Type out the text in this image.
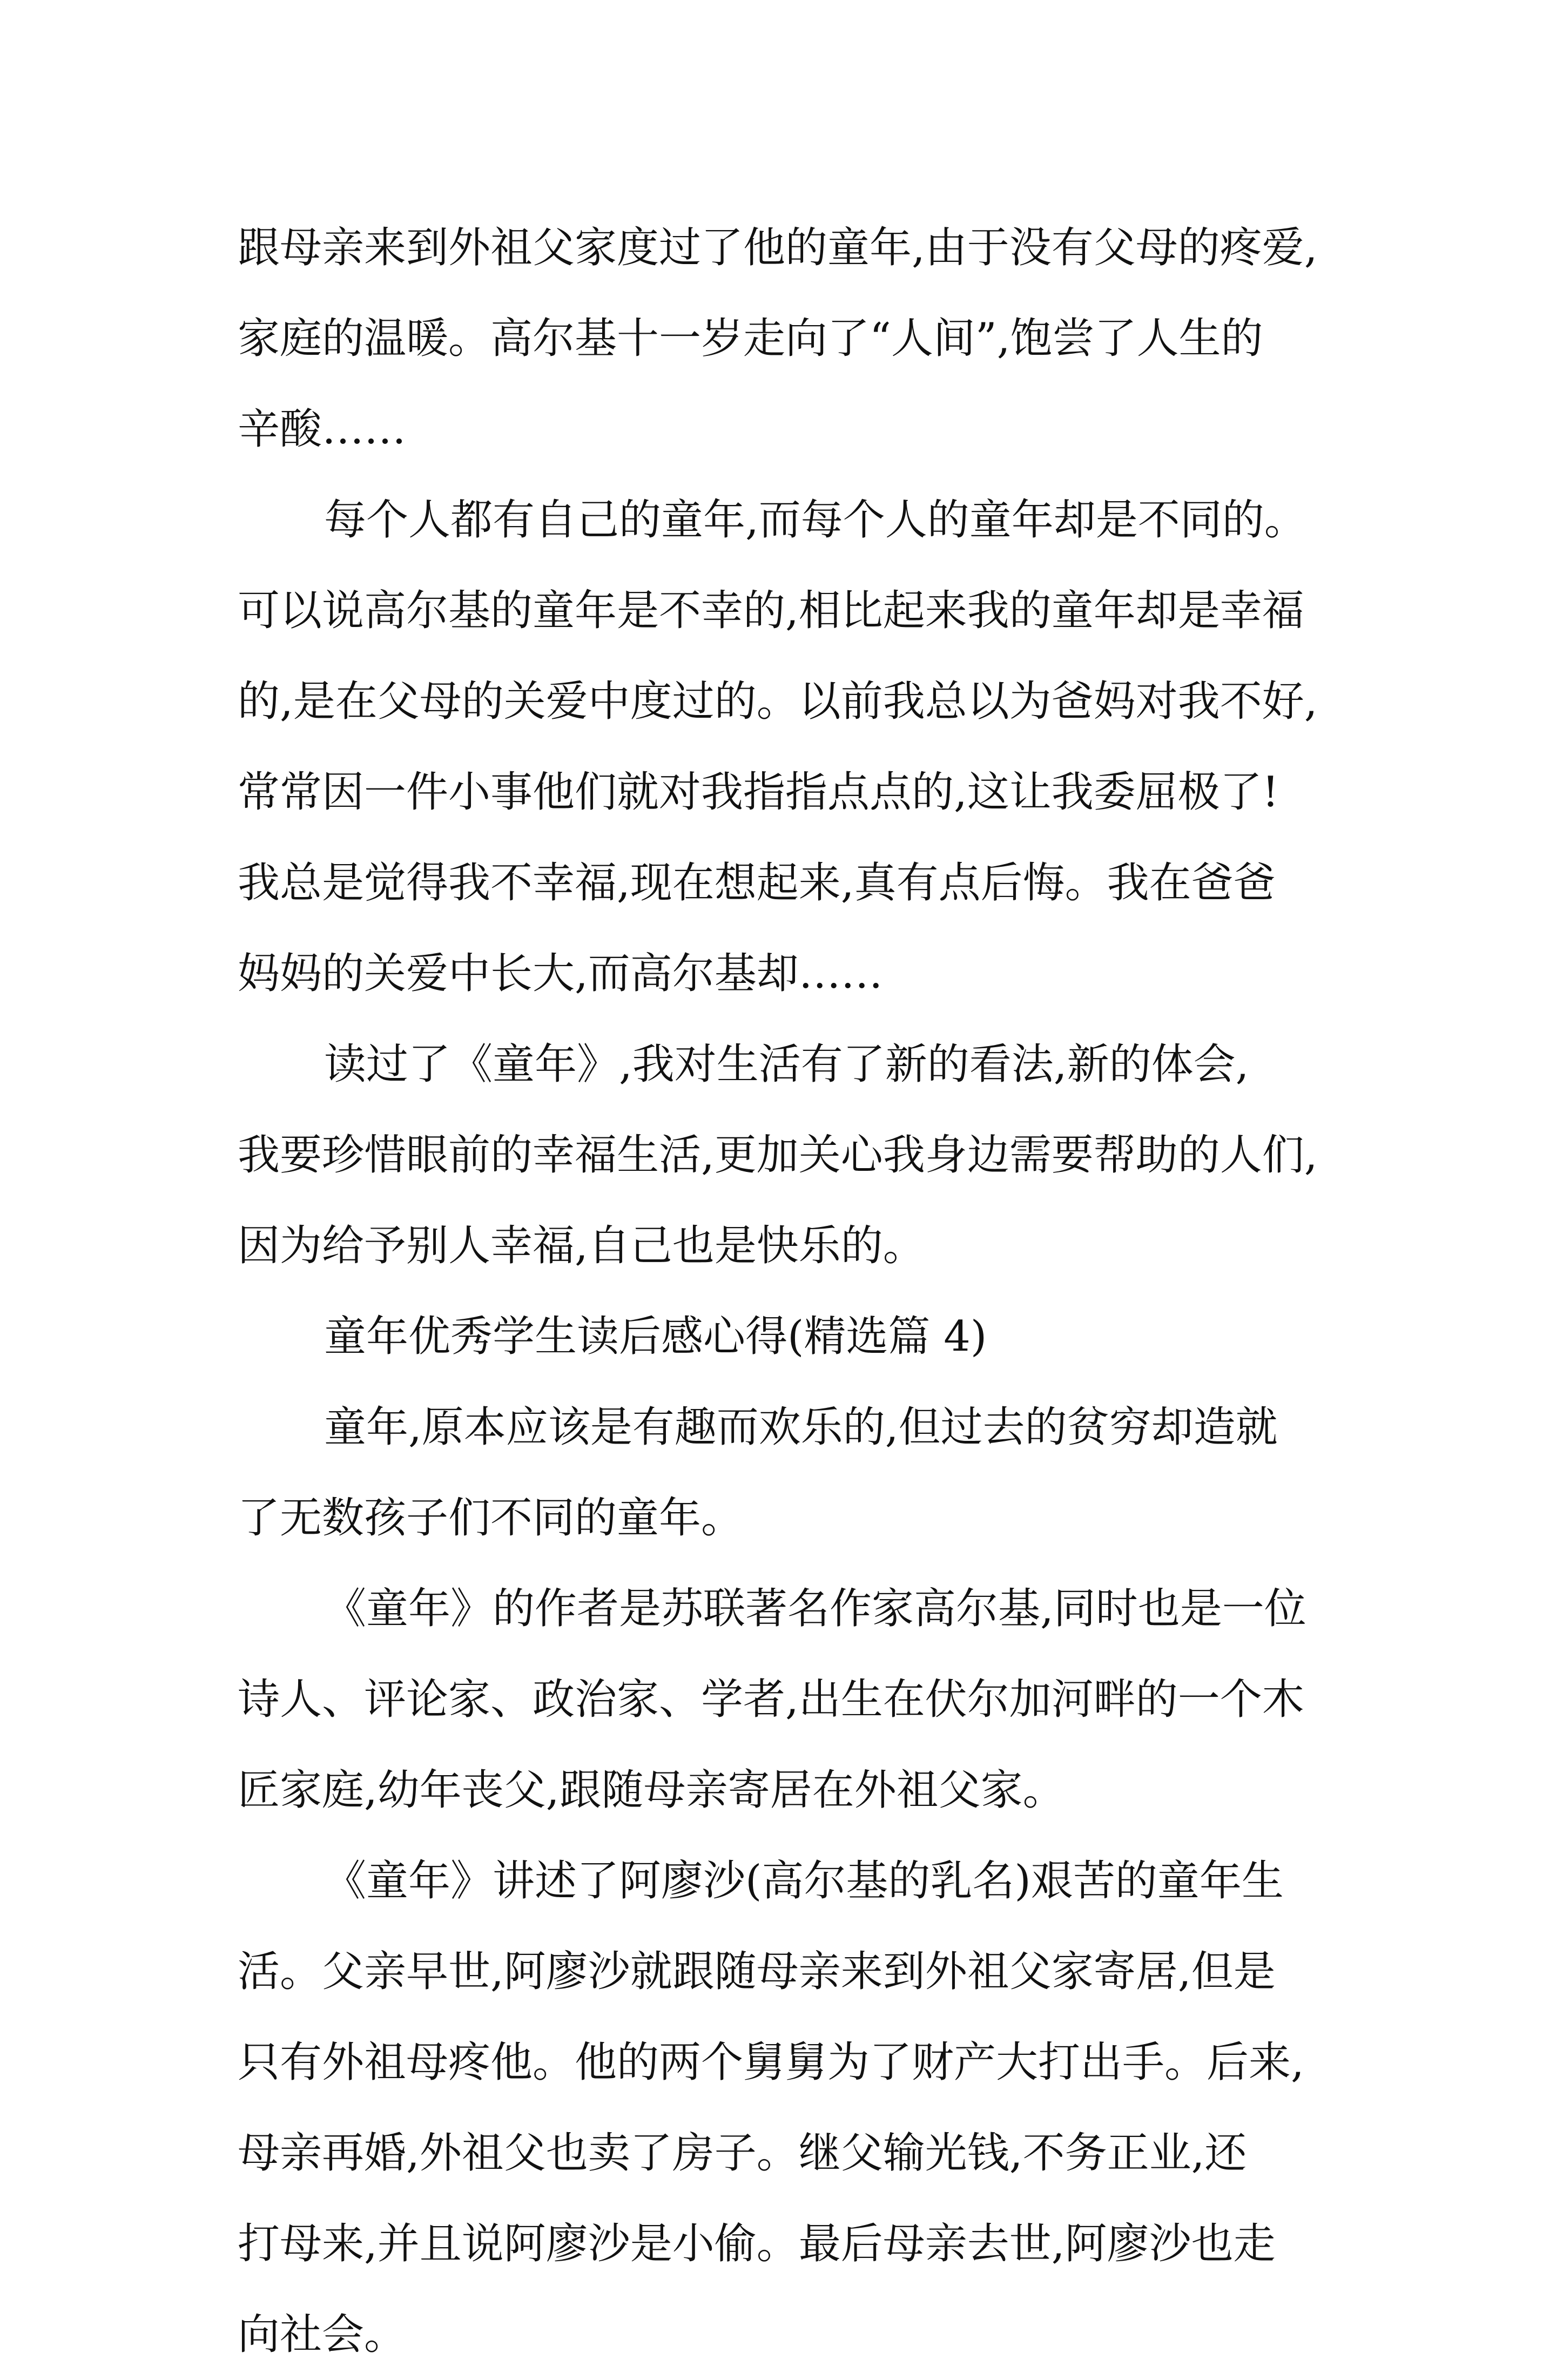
跟母亲来到外祖父家度过了他的童年,由于没有父母的疼爱,
家庭的温暖。高尔基十一岁走向了“人间”,饱尝了人生的
辛酸……
每个人都有自己的童年,而每个人的童年却是不同的。
可以说高尔基的童年是不幸的,相比起来我的童年却是幸福
的,是在父母的关爱中度过的。以前我总以为爸妈对我不好,
常常因一件小事他们就对我指指点点的,这让我委屈极了!
我总是觉得我不幸福,现在想起来,真有点后悔。我在爸爸
妈妈的关爱中长大,而高尔基却……
读过了《童年》,我对生活有了新的看法,新的体会,
我要珍惜眼前的幸福生活,更加关心我身边需要帮助的人们,
因为给予别人幸福,自己也是快乐的。
童年优秀学生读后感心得(精选篇 4)
童年,原本应该是有趣而欢乐的,但过去的贫穷却造就
了无数孩子们不同的童年。
《童年》的作者是苏联著名作家高尔基,同时也是一位
诗人、评论家、政治家、学者,出生在伏尔加河畔的一个木
匠家庭,幼年丧父,跟随母亲寄居在外祖父家。
《童年》讲述了阿廖沙(高尔基的乳名)艰苦的童年生
活。父亲早世,阿廖沙就跟随母亲来到外祖父家寄居,但是
只有外祖母疼他。他的两个舅舅为了财产大打出手。后来,
母亲再婚,外祖父也卖了房子。继父输光钱,不务正业,还
打母来,并且说阿廖沙是小偷。最后母亲去世,阿廖沙也走
向社会。
